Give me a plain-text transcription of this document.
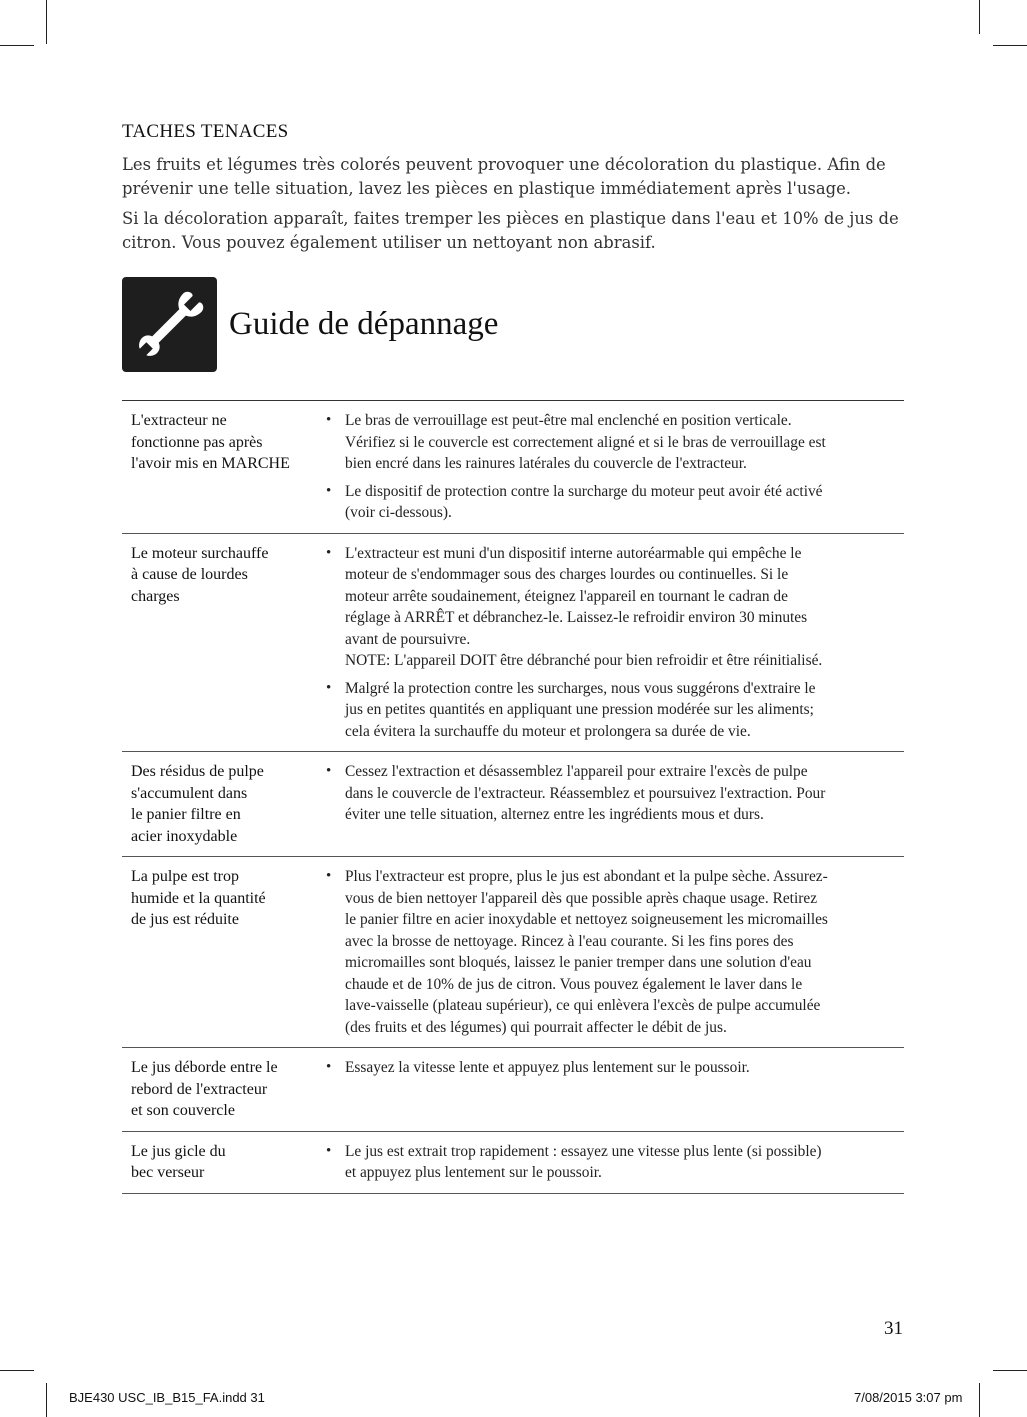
TACHES TENACES

Les fruits et légumes très colorés peuvent provoquer une décoloration du plastique. Afin de prévenir une telle situation, lavez les pièces en plastique immédiatement après l'usage.

Si la décoloration apparaît, faites tremper les pièces en plastique dans l'eau et 10% de jus de citron. Vous pouvez également utiliser un nettoyant non abrasif.

Guide de dépannage
L'extracteur ne
fonctionne pas après
l'avoir mis en MARCHE
• Le bras de verrouillage est peut-être mal enclenché en position verticale.
Vérifiez si le couvercle est correctement aligné et si le bras de verrouillage est
bien encré dans les rainures latérales du couvercle de l'extracteur.
• Le dispositif de protection contre la surcharge du moteur peut avoir été activé
(voir ci-dessous).
Le moteur surchauffe
à cause de lourdes
charges
• L'extracteur est muni d'un dispositif interne autoréarmable qui empêche le
moteur de s'endommager sous des charges lourdes ou continuelles. Si le
moteur arrête soudainement, éteignez l'appareil en tournant le cadran de
réglage à ARRÊT et débranchez-le. Laissez-le refroidir environ 30 minutes
avant de poursuivre.
NOTE: L'appareil DOIT être débranché pour bien refroidir et être réinitialisé.
• Malgré la protection contre les surcharges, nous vous suggérons d'extraire le
jus en petites quantités en appliquant une pression modérée sur les aliments;
cela évitera la surchauffe du moteur et prolongera sa durée de vie.
Des résidus de pulpe
s'accumulent dans
le panier filtre en
acier inoxydable
• Cessez l'extraction et désassemblez l'appareil pour extraire l'excès de pulpe
dans le couvercle de l'extracteur. Réassemblez et poursuivez l'extraction. Pour
éviter une telle situation, alternez entre les ingrédients mous et durs.
La pulpe est trop
humide et la quantité
de jus est réduite
• Plus l'extracteur est propre, plus le jus est abondant et la pulpe sèche. Assurez-
vous de bien nettoyer l'appareil dès que possible après chaque usage. Retirez
le panier filtre en acier inoxydable et nettoyez soigneusement les micromailles
avec la brosse de nettoyage. Rincez à l'eau courante. Si les fins pores des
micromailles sont bloqués, laissez le panier tremper dans une solution d'eau
chaude et de 10% de jus de citron. Vous pouvez également le laver dans le
lave-vaisselle (plateau supérieur), ce qui enlèvera l'excès de pulpe accumulée
(des fruits et des légumes) qui pourrait affecter le débit de jus.
Le jus déborde entre le
rebord de l'extracteur
et son couvercle
• Essayez la vitesse lente et appuyez plus lentement sur le poussoir.
Le jus gicle du
bec verseur
• Le jus est extrait trop rapidement : essayez une vitesse plus lente (si possible)
et appuyez plus lentement sur le poussoir.
31
BJE430 USC_IB_B15_FA.indd 31	7/08/2015 3:07 pm
